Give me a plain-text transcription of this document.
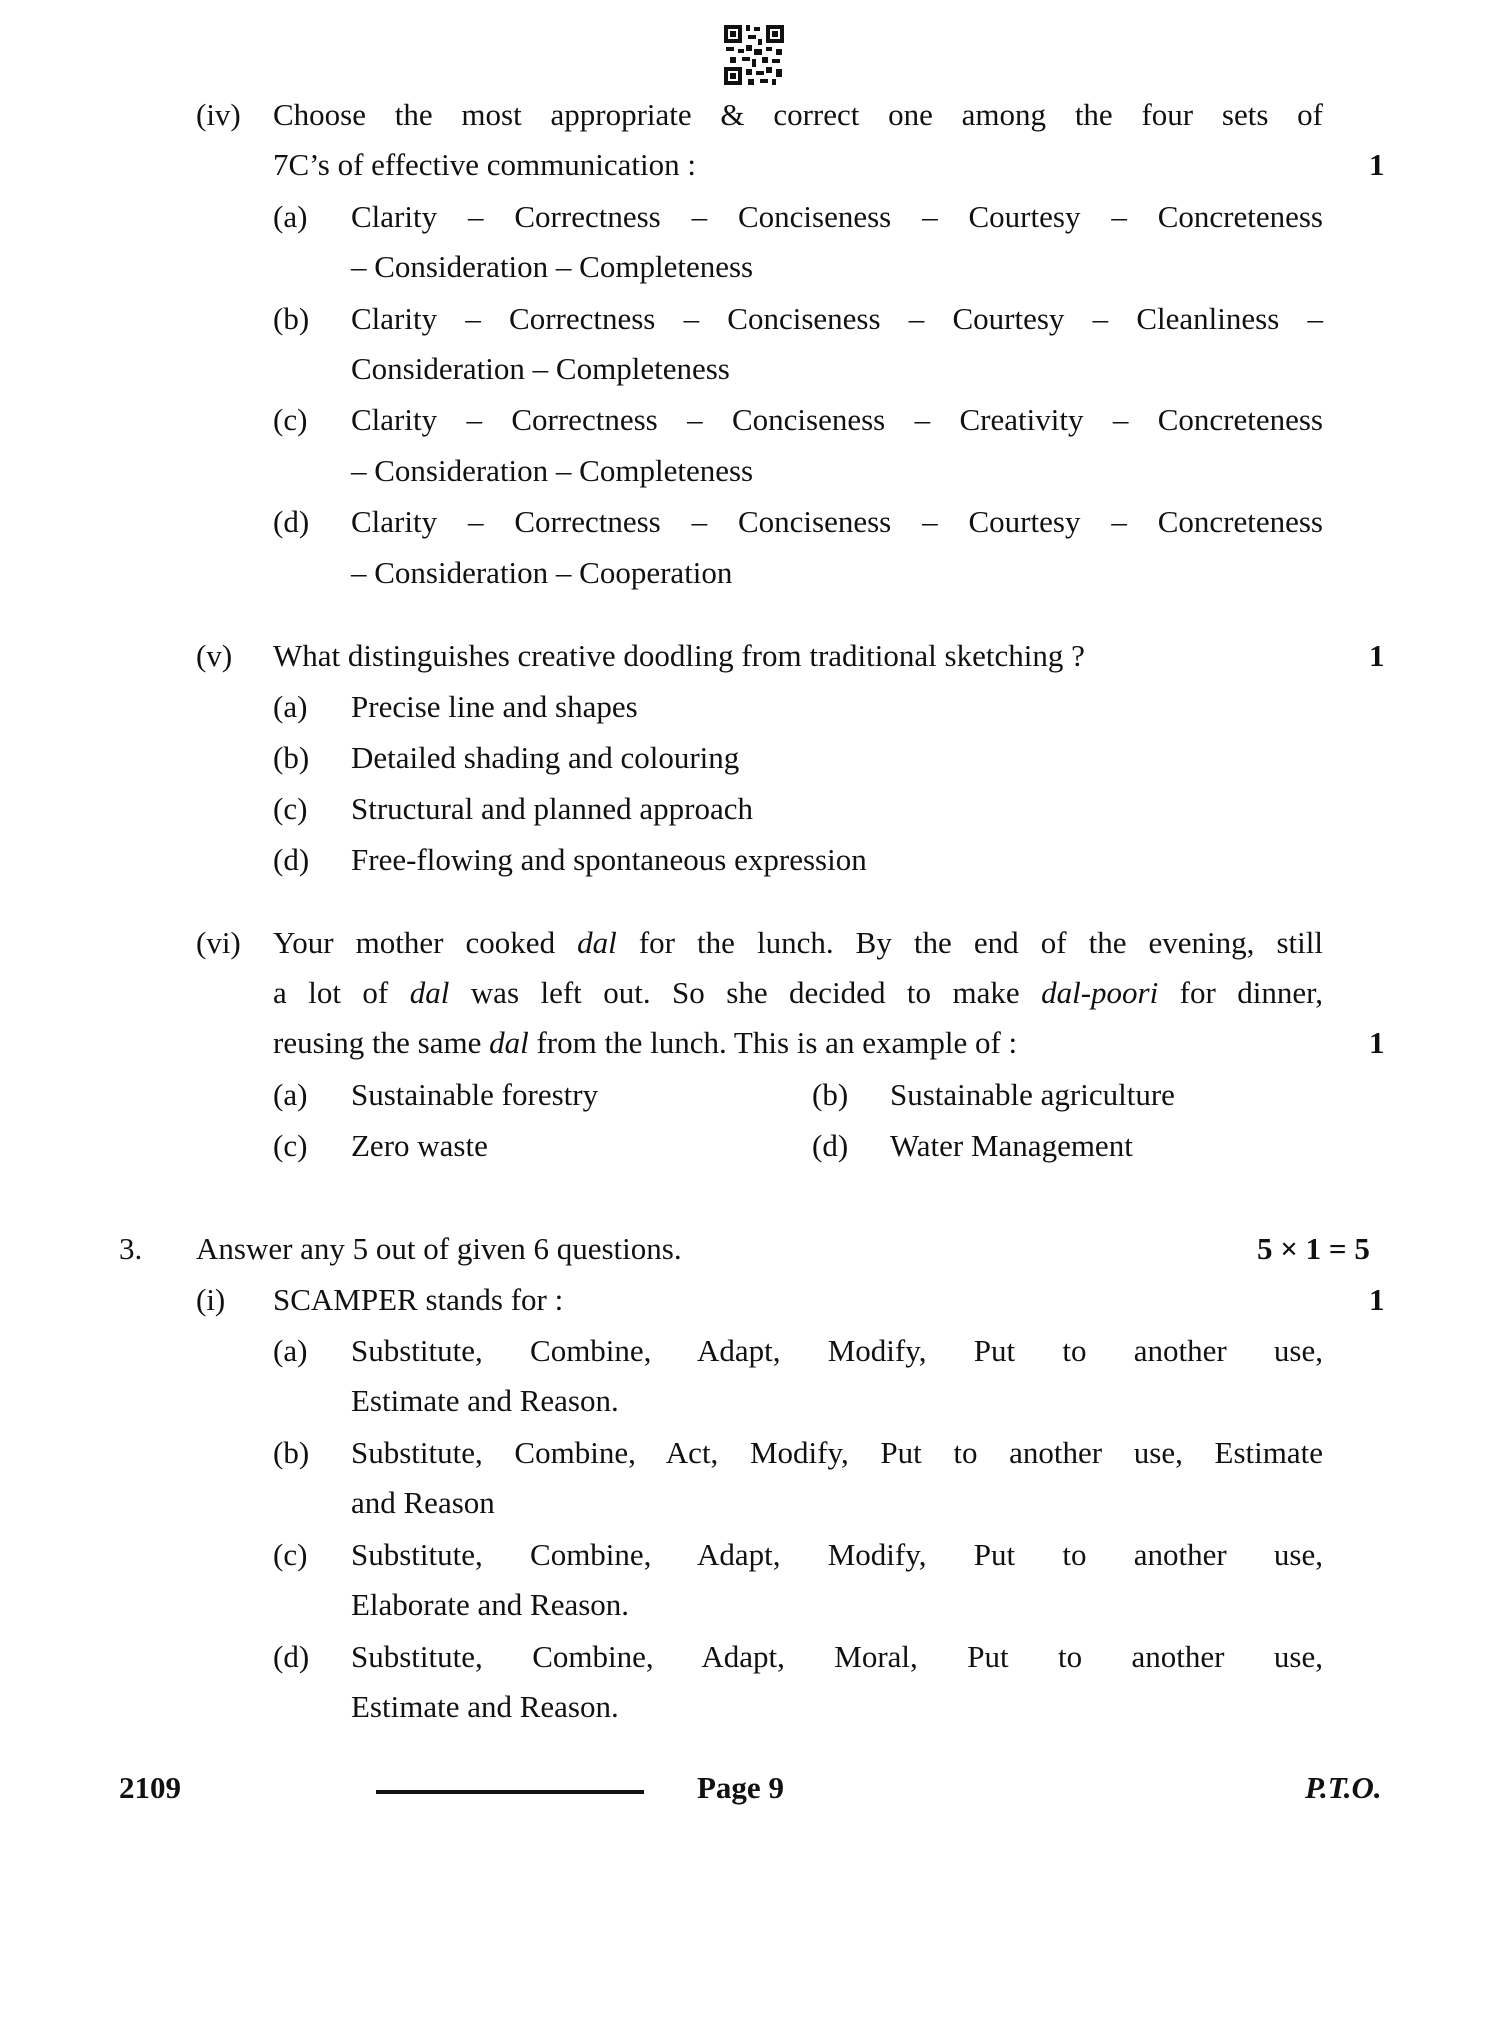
(iv) Choose the most appropriate & correct one among the four sets of
7C’s of effective communication :	1
(a) Clarity – Correctness – Conciseness – Courtesy – Concreteness
– Consideration – Completeness
(b) Clarity – Correctness – Conciseness – Courtesy – Cleanliness –
Consideration – Completeness
(c) Clarity – Correctness – Conciseness – Creativity – Concreteness
– Consideration – Completeness
(d) Clarity – Correctness – Conciseness – Courtesy – Concreteness
– Consideration – Cooperation
(v) What distinguishes creative doodling from traditional sketching ?	1
(a) Precise line and shapes
(b) Detailed shading and colouring
(c) Structural and planned approach
(d) Free-flowing and spontaneous expression
(vi) Your mother cooked dal for the lunch. By the end of the evening, still
a lot of dal was left out. So she decided to make dal-poori for dinner,
reusing the same dal from the lunch. This is an example of :	1
(a) Sustainable forestry	(b) Sustainable agriculture
(c) Zero waste	(d) Water Management
3. Answer any 5 out of given 6 questions.	5 × 1 = 5
(i) SCAMPER stands for :	1
(a) Substitute, Combine, Adapt, Modify, Put to another use,
Estimate and Reason.
(b) Substitute, Combine, Act, Modify, Put to another use, Estimate
and Reason
(c) Substitute, Combine, Adapt, Modify, Put to another use,
Elaborate and Reason.
(d) Substitute, Combine, Adapt, Moral, Put to another use,
Estimate and Reason.
2109	Page 9	P.T.O.
